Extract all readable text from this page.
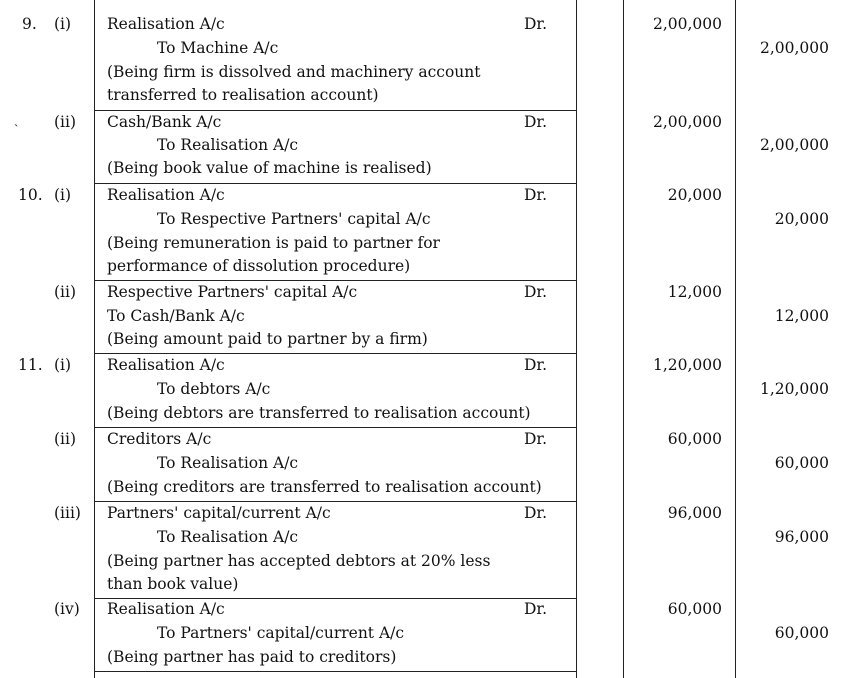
ˏ
9. (i) Realisation A/c	Dr.	2,00,000
To Machine A/c	2,00,000
(Being firm is dissolved and machinery account
transferred to realisation account)
(ii) Cash/Bank A/c	Dr.	2,00,000
To Realisation A/c	2,00,000
(Being book value of machine is realised)
10. (i) Realisation A/c	Dr.	20,000
To Respective Partners' capital A/c	20,000
(Being remuneration is paid to partner for
performance of dissolution procedure)
(ii) Respective Partners' capital A/c	Dr.	12,000
To Cash/Bank A/c	12,000
(Being amount paid to partner by a firm)
11. (i) Realisation A/c	Dr.	1,20,000
To debtors A/c	1,20,000
(Being debtors are transferred to realisation account)
(ii) Creditors A/c	Dr.	60,000
To Realisation A/c	60,000
(Being creditors are transferred to realisation account)
(iii) Partners' capital/current A/c	Dr.	96,000
To Realisation A/c	96,000
(Being partner has accepted debtors at 20% less
than book value)
(iv) Realisation A/c	Dr.	60,000
To Partners' capital/current A/c	60,000
(Being partner has paid to creditors)
